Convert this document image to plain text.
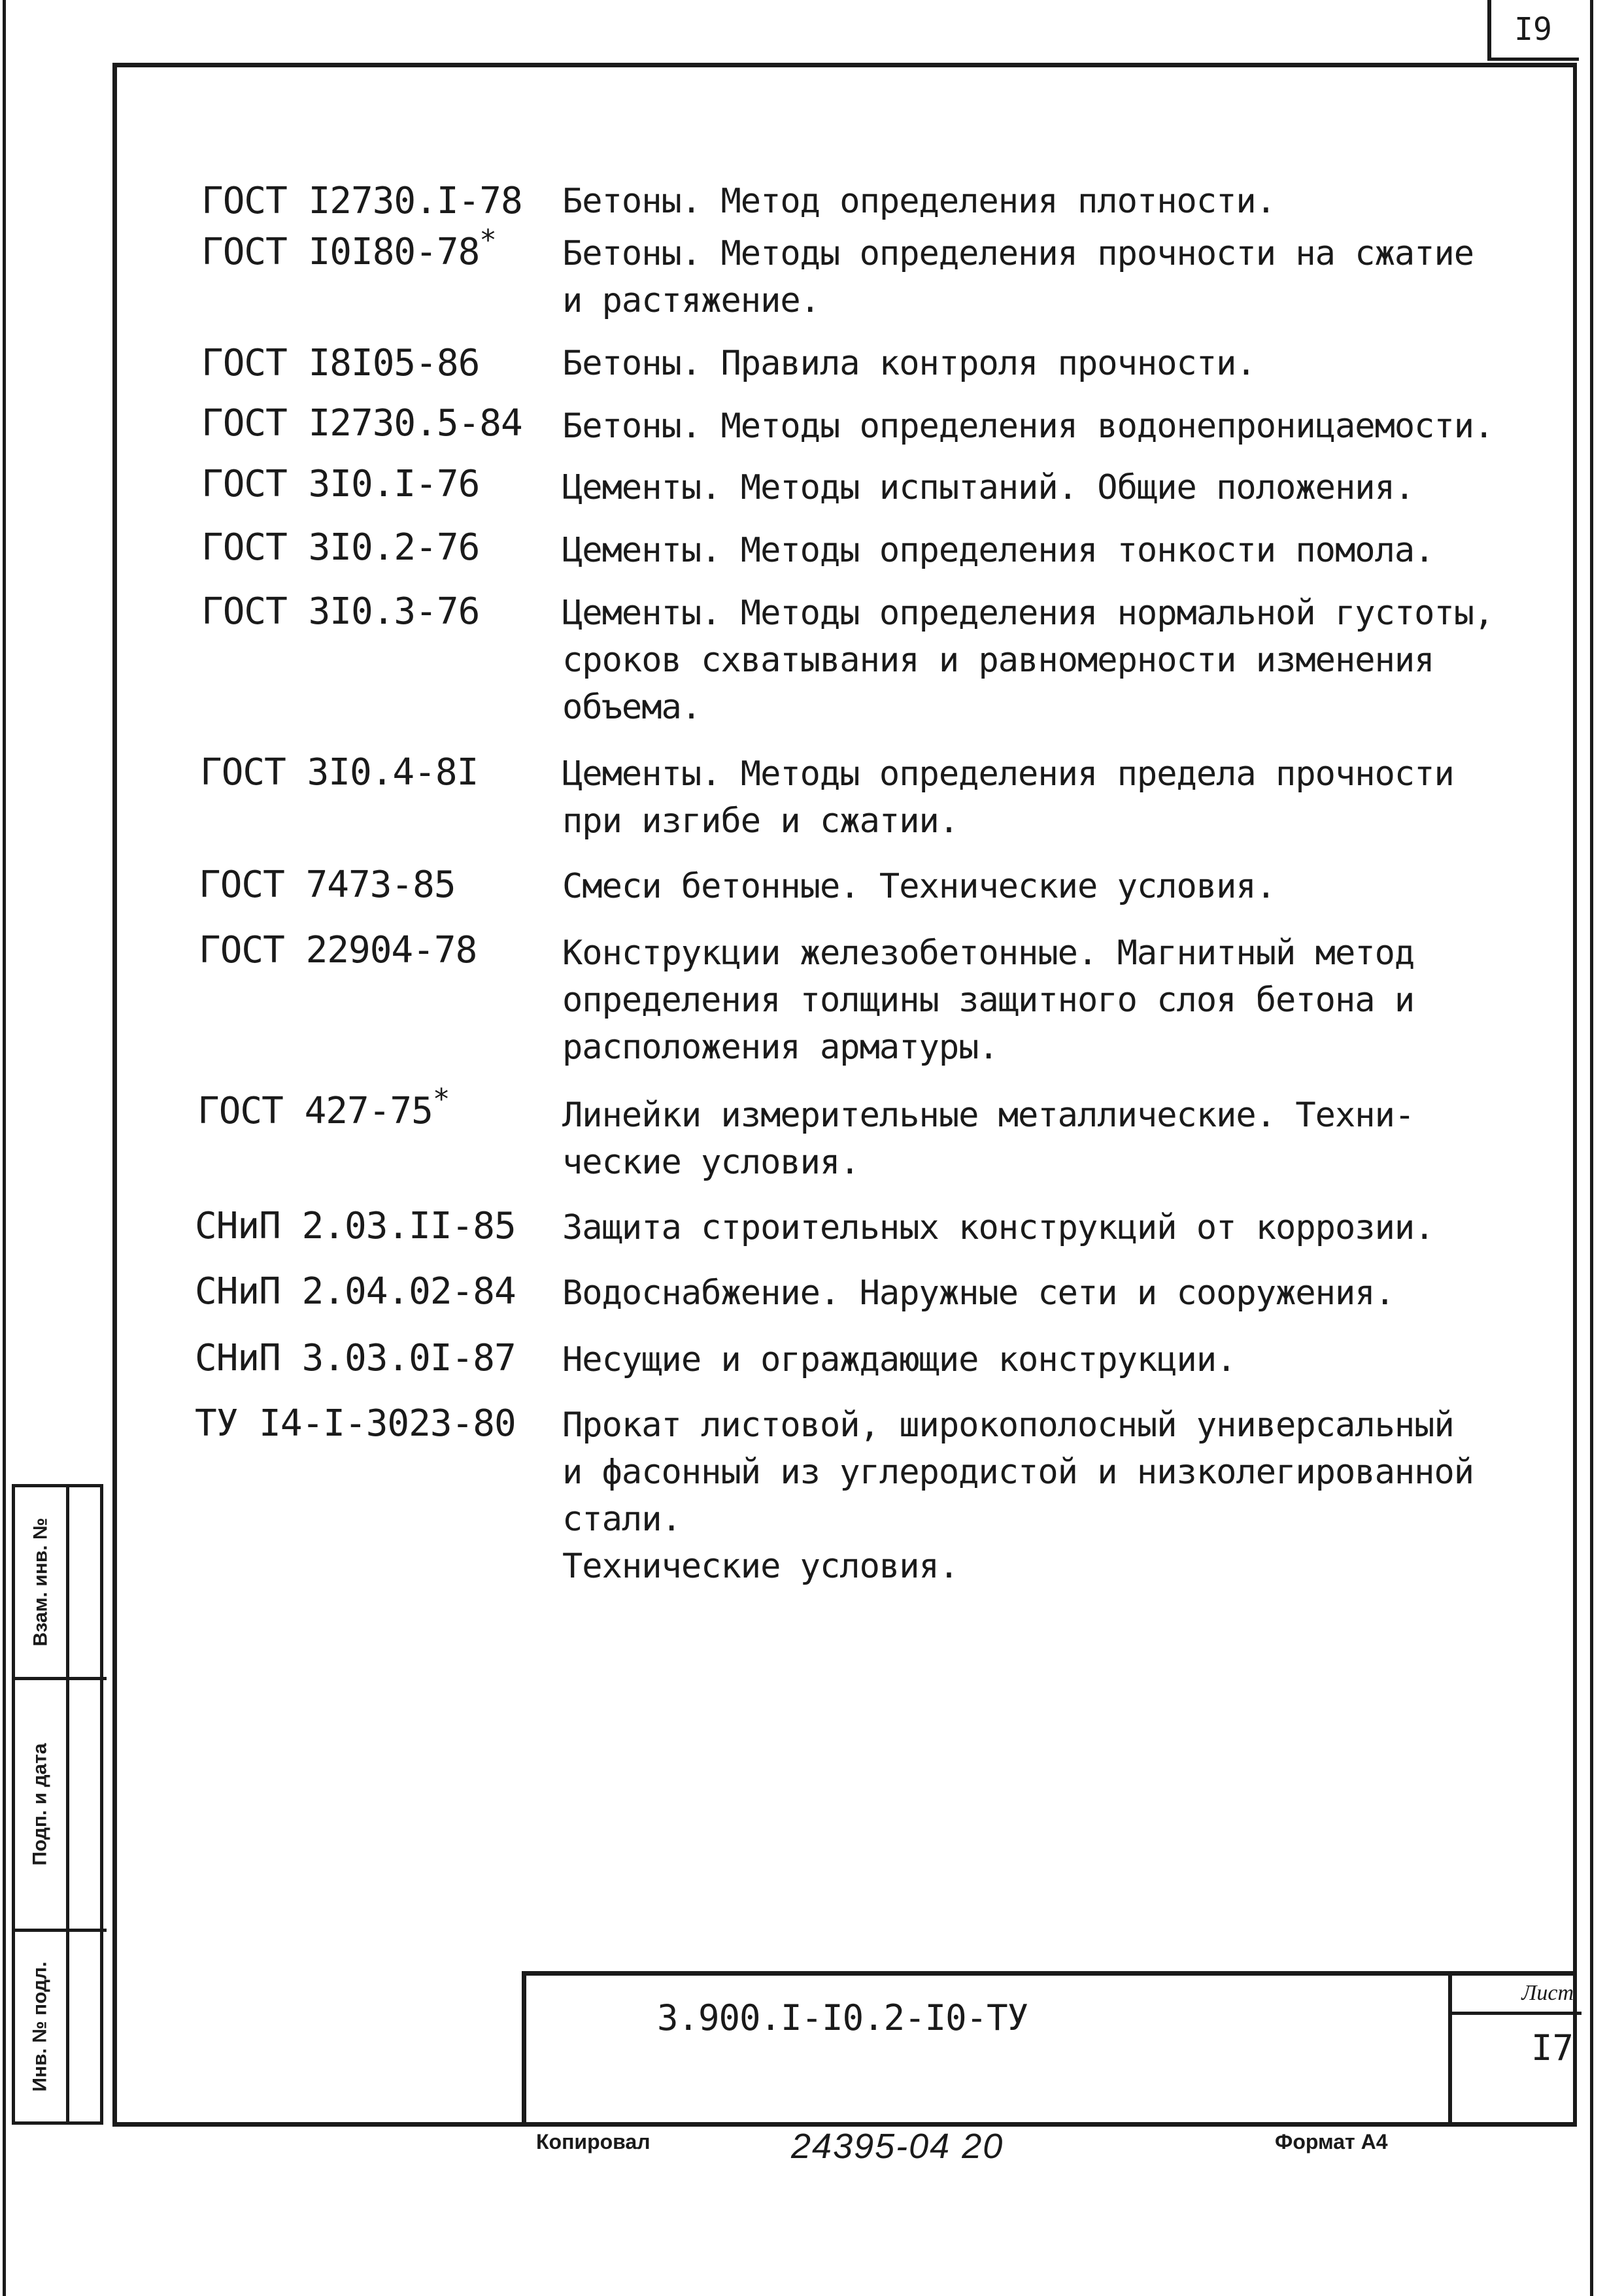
I9
ГОСТ I2730.I-78 Бетоны. Метод определения плотности.
ГОСТ I0I80-78* Бетоны. Методы определения прочности на сжатие
и растяжение.
ГОСТ I8I05-86 Бетоны. Правила контроля прочности.
ГОСТ I2730.5-84 Бетоны. Методы определения водонепроницаемости.
ГОСТ 3I0.I-76 Цементы. Методы испытаний. Общие положения.
ГОСТ 3I0.2-76 Цементы. Методы определения тонкости помола.
ГОСТ 3I0.3-76 Цементы. Методы определения нормальной густоты,
сроков схватывания и равномерности изменения
объема.
ГОСТ 3I0.4-8I Цементы. Методы определения предела прочности
при изгибе и сжатии.
ГОСТ 7473-85	Смеси бетонные. Технические условия.
ГОСТ 22904-78	Конструкции железобетонные. Магнитный метод
определения толщины защитного слоя бетона и
расположения арматуры.
ГОСТ 427-75*	Линейки измерительные металлические. Техни-
ческие условия.
СНиП 2.03.II-85 Защита строительных конструкций от коррозии.
СНиП 2.04.02-84 Водоснабжение. Наружные сети и сооружения.
СНиП 3.03.0I-87 Несущие и ограждающие конструкции.
ТУ I4-I-3023-80 Прокат листовой, широкополосный универсальный
и фасонный из углеродистой и низколегированной
стали.
Технические условия.
Взам. инв. №
Подп. и дата
Инв. № подл.	3.900.I-I0.2-I0-ТУ
Лист
I7
Копировал	24395-04 20	Формат А4
